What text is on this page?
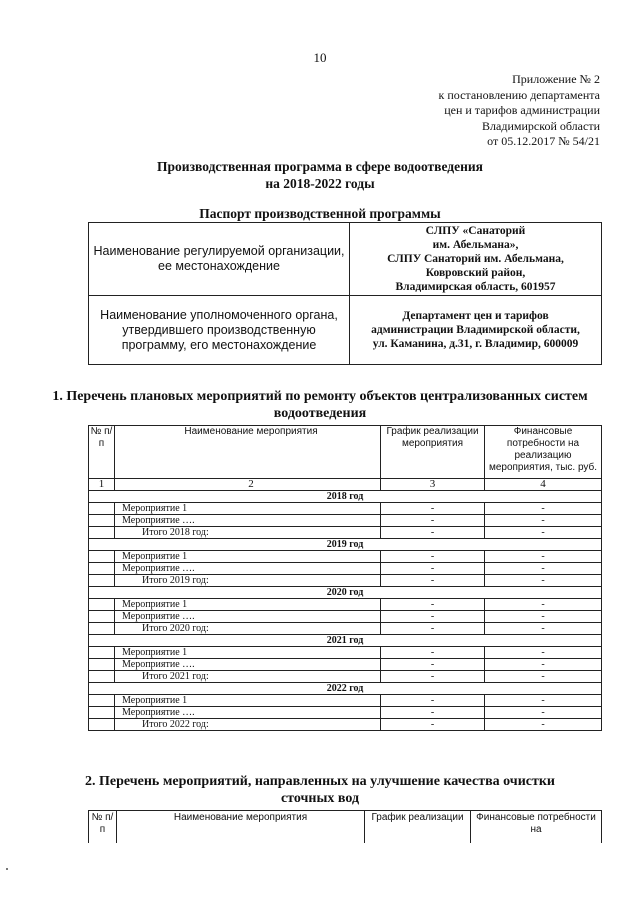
10
Приложение № 2
к постановлению департамента
цен и тарифов администрации
Владимирской области
от 05.12.2017 № 54/21
Производственная программа в сфере водоотведения
на 2018-2022 годы
Паспорт производственной программы
Наименование регулируемой организации, ее местонахождение	СЛПУ «Санаторий
им. Абельмана»,
СЛПУ Санаторий им. Абельмана,
Ковровский район,
Владимирская область, 601957

Наименование уполномоченного органа, утвердившего производственную программу, его местонахождение	Департамент цен и тарифов
администрации Владимирской области,
ул. Каманина, д.31, г. Владимир, 600009
1. Перечень плановых мероприятий по ремонту объектов централизованных систем водоотведения
№ п/п	Наименование мероприятия	График реализации мероприятия	Финансовые потребности на реализацию мероприятия, тыс. руб.
1	2	3	4
2018 год			
	Мероприятие 1	-	-
	Мероприятие ….	-	-
	Итого 2018 год:	-	-
2019 год			
	Мероприятие 1	-	-
	Мероприятие ….	-	-
	Итого 2019 год:	-	-
2020 год			
	Мероприятие 1	-	-
	Мероприятие ….	-	-
	Итого 2020 год:	-	-
2021 год			
	Мероприятие 1	-	-
	Мероприятие ….	-	-
	Итого 2021 год:	-	-
2022 год			
	Мероприятие 1	-	-
	Мероприятие ….	-	-
	Итого 2022 год:	-	-
2. Перечень мероприятий, направленных на улучшение качества очистки сточных вод
№ п/п	Наименование мероприятия	График реализации	Финансовые потребности на
